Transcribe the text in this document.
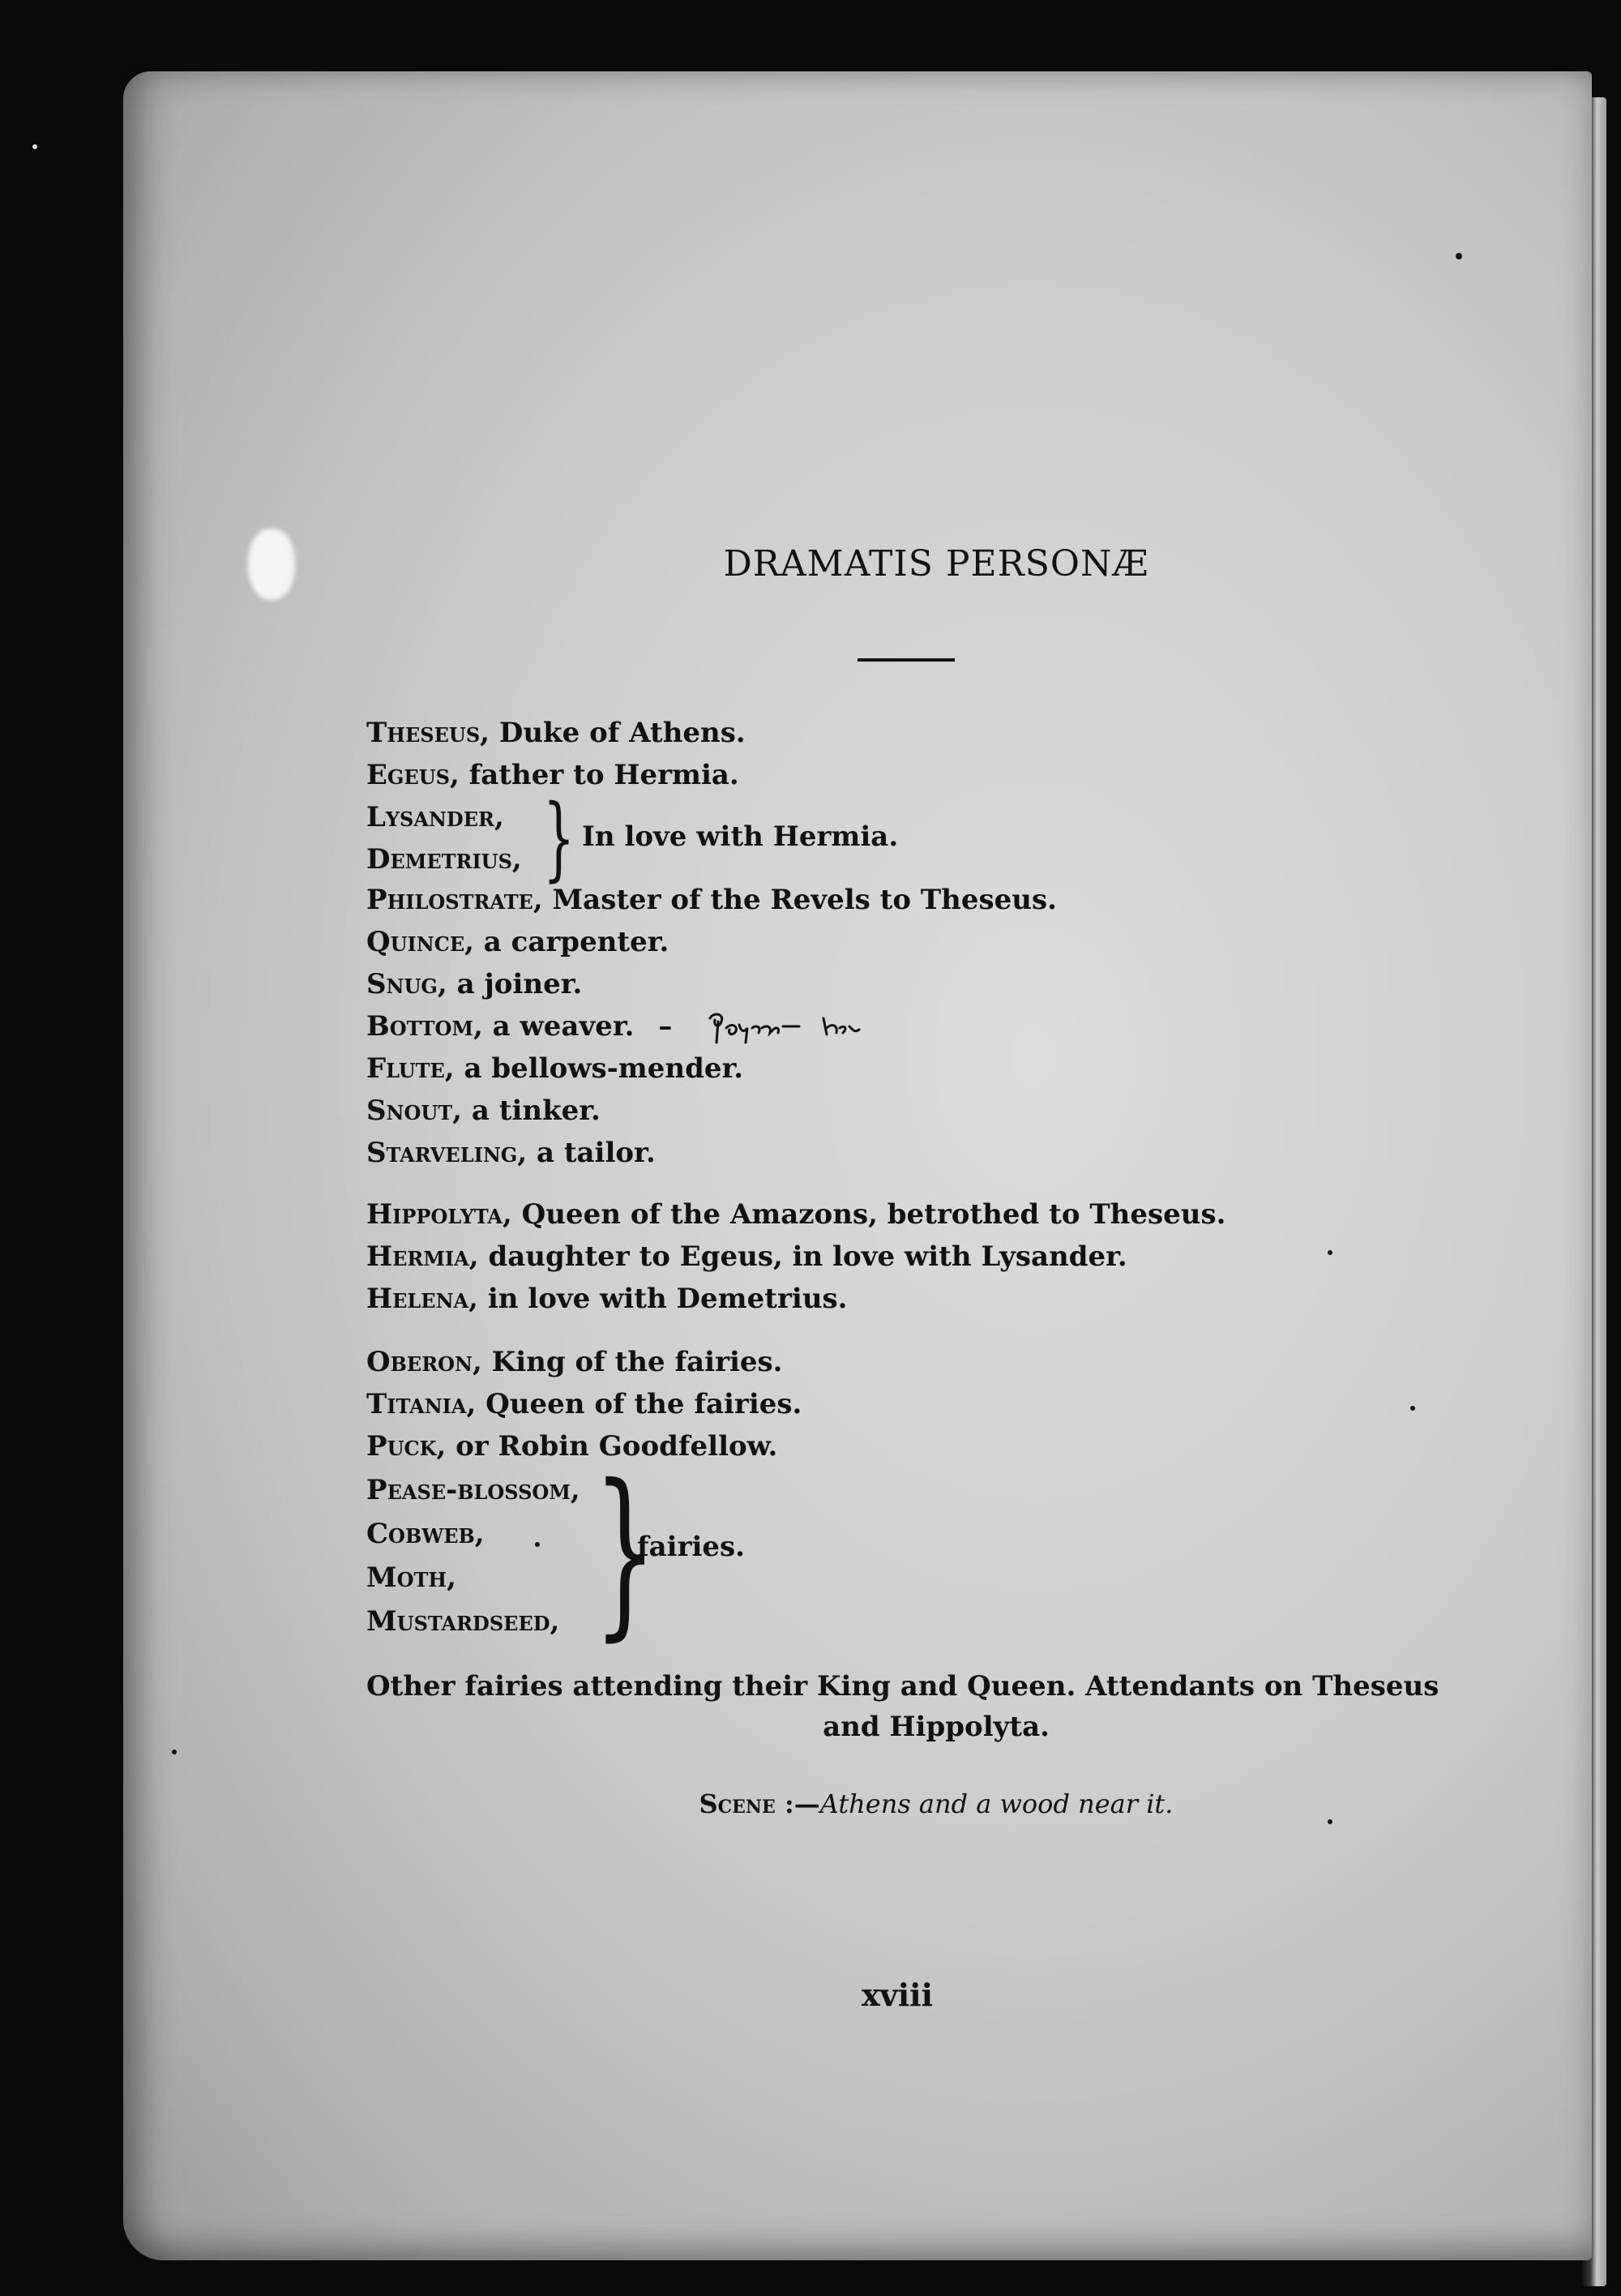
DRAMATIS PERSONÆ
Theseus, Duke of Athens.
Egeus, father to Hermia.
Lysander,
Demetrius, } In love with Hermia.
Philostrate, Master of the Revels to Theseus.
Quince, a carpenter.
Snug, a joiner.
Bottom, a weaver. –
Flute, a bellows-mender.
Snout, a tinker.
Starveling, a tailor.
Hippolyta, Queen of the Amazons, betrothed to Theseus.
Hermia, daughter to Egeus, in love with Lysander.
Helena, in love with Demetrius.
Oberon, King of the fairies.
Titania, Queen of the fairies.
Puck, or Robin Goodfellow.
Pease-blossom,
Cobweb,
Moth,
Mustardseed, }
fairies.
Other fairies attending their King and Queen. Attendants on Theseus
and Hippolyta.
Scene :—Athens and a wood near it.
xviii
